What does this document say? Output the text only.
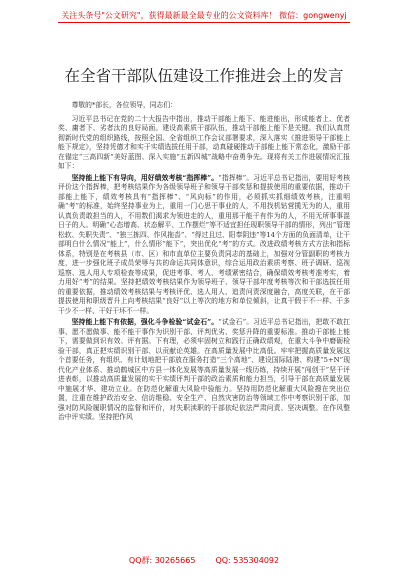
关注头条号"公文研究"，获得最新最全最专业的公文资料库！ 微信：gongwenyj
在全省干部队伍建设工作推进会上的发言

尊敬的*部长，各位领导，同志们：

习近平总书记在党的二十大报告中指出，推动干部能上能下、能进能出，形成能者上、优者奖、庸者下、劣者汰的良好局面。建设高素质干部队伍，推动干部能上能下是关键。我们认真贯彻新时代党的组织路线，按照全国、全省组织工作会议部署要求，深入落实《推进领导干部能上能下规定》，坚持凭德才和实干实绩选拔任用干部，动真碰硬推动干部能上能下常态化，激励干部在锚定“三高四新”美好蓝图、深入实施“五新四城”战略中奋勇争先。现将有关工作进展情况汇报如下：

坚持能上能下有导向，用好绩效考核“指挥棒”。“指挥棒”。习近平总书记指出，要用好考核评价这个指挥棒，把考核结果作为各级领导班子和领导干部奖惩和提拔使用的重要依据，推动干部能上能下，绩效考核具有“指挥棒”、“风向标”的作用，必须抓实抓细绩效考核，注重明确“考”的标准，始终坚持事业为上，重用一门心思干事业的人，不用找机钻营揽无为的人，重用认真负责敢担当的人，不用数们渴求为领进走的人，重用那干能干有作为的人，不用无所事事混日子的人。明确“心态增高、状态解平、工作摆烂”等不适宜担任现职领导干部的情形，列出“管理松软、失职失责”、“独三拣四、作风拖沓”、“得过且过、阳奉阴违”等14个方面的负面清单，让干部明白什么情况“能上”，什么情形“能下”，突出优化“考”的方式。改进政绩考核方式方法和指标体系，特别是在考核县（市、区）和市直单位主要负责同志的基础上，加强对分管副职的考核力度，进一步强化班子成员荣辱与共的命运共同体意识，综合运用政治素质考察、班子调研、巡视巡察、选人用人专项检查等成果，促进考事、考人、考绩紧密结合，确保绩效考核考准考实，着力用好“考”的结果。坚持把绩效考核结果作为领导班子、领导干部年度考核等次和干部选拔任用的重要依据，推动绩效考核结果与考核评优、选人用人、追责问责深度融合，高度关联，在干部提拔使用和职级晋升上向考核结果“良好”以上等次的地方和单位倾斜，让真干假干不一样、干多干少不一样、干好干坏不一样。

坚持能上能下有依据，强化斗争检验“试金石”。“试金石”。习近平总书记指出，把敢不敢扛事、愿不愿做事、能不能干事作为识别干部、评判优劣、奖惩升降的重要标准。推动干部能上能下，需要做到识有效、评有据。下有理，必须牢固树立和践行正确政绩观，在重大斗争中磨砺检验干部，真正把实绩识别干部、以贡献论英雄。在高质量发展中比高低。牢牢把握高质量发展这个首要任务，有组织、有计划地把干部放在服务打造“三个高地”、建设国际陆港、构建“5+N”现代化产业体系、推动鹤城区中方县一体化发展等高质量发展一线历练，持续开展“闯创干”坚干评进表彰，以推动高质量发展的实干实绩评判干部的政治素质和能力担当，引导干部在高质量发展中施展才华、建功立业。在防范化解重大风险中验能力。坚持用防范化解重大风险搜在突出位置，注重在维护政治安全、信访维稳、安全生产、自然灾害防治等领域工作中考察识别干部，加强对防风险履职情况的监督和评价，对失职渎职的干部依纪依法严肃问责、坚决调整。在作风整治中评实绩。坚持把作风

QQ群: 30265665	QQ: 535304092
